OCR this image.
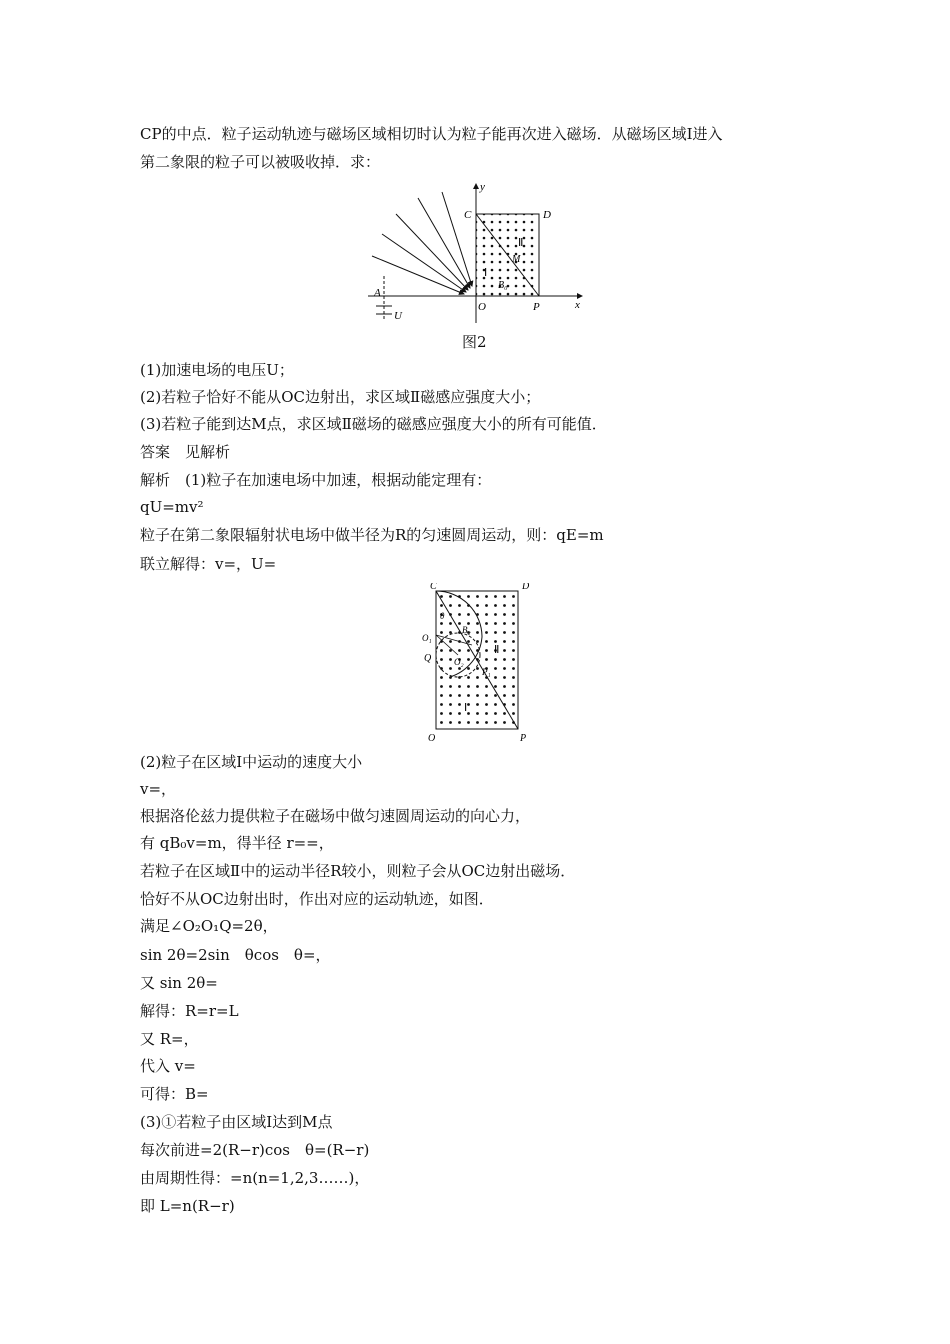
CP的中点．粒子运动轨迹与磁场区域相切时认为粒子能再次进入磁场．从磁场区域Ⅰ进入
第二象限的粒子可以被吸收掉．求：
y
x
C	D
O	P
Ⅱ
Ⅰ
M
B₀
A
U
图2
(1)加速电场的电压U；
(2)若粒子恰好不能从OC边射出，求区域Ⅱ磁感应强度大小；
(3)若粒子能到达M点，求区域Ⅱ磁场的磁感应强度大小的所有可能值．
答案　见解析
解析　(1)粒子在加速电场中加速，根据动能定理有：
qU=mv²
粒子在第二象限辐射状电场中做半径为R的匀速圆周运动，则：qE=m
联立解得：v=，U=
C	D
O	P
Q
O₁
O₂
B₂
P₁
θ
Ⅱ
Ⅰ
(2)粒子在区域Ⅰ中运动的速度大小
v=，
根据洛伦兹力提供粒子在磁场中做匀速圆周运动的向心力，
有 qB₀v=m，得半径 r==，
若粒子在区域Ⅱ中的运动半径R较小，则粒子会从OC边射出磁场．
恰好不从OC边射出时，作出对应的运动轨迹，如图．
满足∠O₂O₁Q=2θ，
sin 2θ=2sin　θcos　θ=，
又 sin 2θ=
解得：R=r=L
又 R=，
代入 v=
可得：B=
(3)①若粒子由区域Ⅰ达到M点
每次前进=2(R−r)cos　θ=(R−r)
由周期性得：=n(n=1,2,3……)，
即 L=n(R−r)
